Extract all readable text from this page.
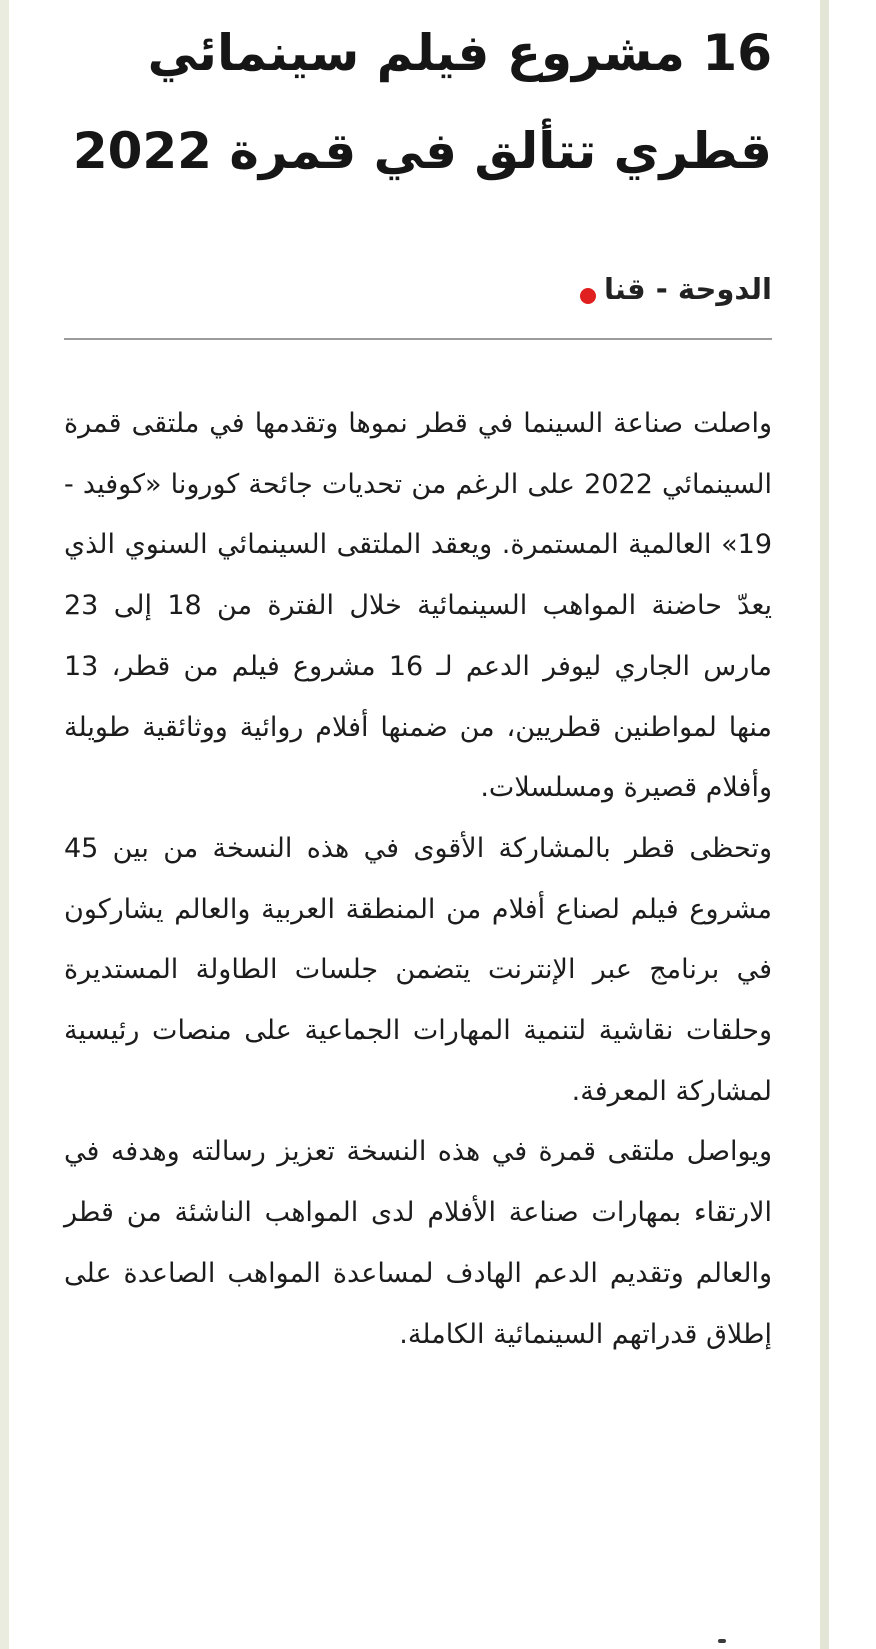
16 مشروع فيلم سينمائي قطري تتألق في قمرة 2022
الدوحة - قنا

واصلت صناعة السينما في قطر نموها وتقدمها في ملتقى قمرة السينمائي 2022 على الرغم من تحديات جائحة كورونا «كوفيد - 19» العالمية المستمرة. ويعقد الملتقى السينمائي السنوي الذي يعدّ حاضنة المواهب السينمائية خلال الفترة من 18 إلى 23 مارس الجاري ليوفر الدعم لـ 16 مشروع فيلم من قطر، 13 منها لمواطنين قطريين، من ضمنها أفلام روائية ووثائقية طويلة وأفلام قصيرة ومسلسلات.

وتحظى قطر بالمشاركة الأقوى في هذه النسخة من بين 45 مشروع فيلم لصناع أفلام من المنطقة العربية والعالم يشاركون في برنامج عبر الإنترنت يتضمن جلسات الطاولة المستديرة وحلقات نقاشية لتنمية المهارات الجماعية على منصات رئيسية لمشاركة المعرفة.

ويواصل ملتقى قمرة في هذه النسخة تعزيز رسالته وهدفه في الارتقاء بمهارات صناعة الأفلام لدى المواهب الناشئة من قطر والعالم وتقديم الدعم الهادف لمساعدة المواهب الصاعدة على إطلاق قدراتهم السينمائية الكاملة.
